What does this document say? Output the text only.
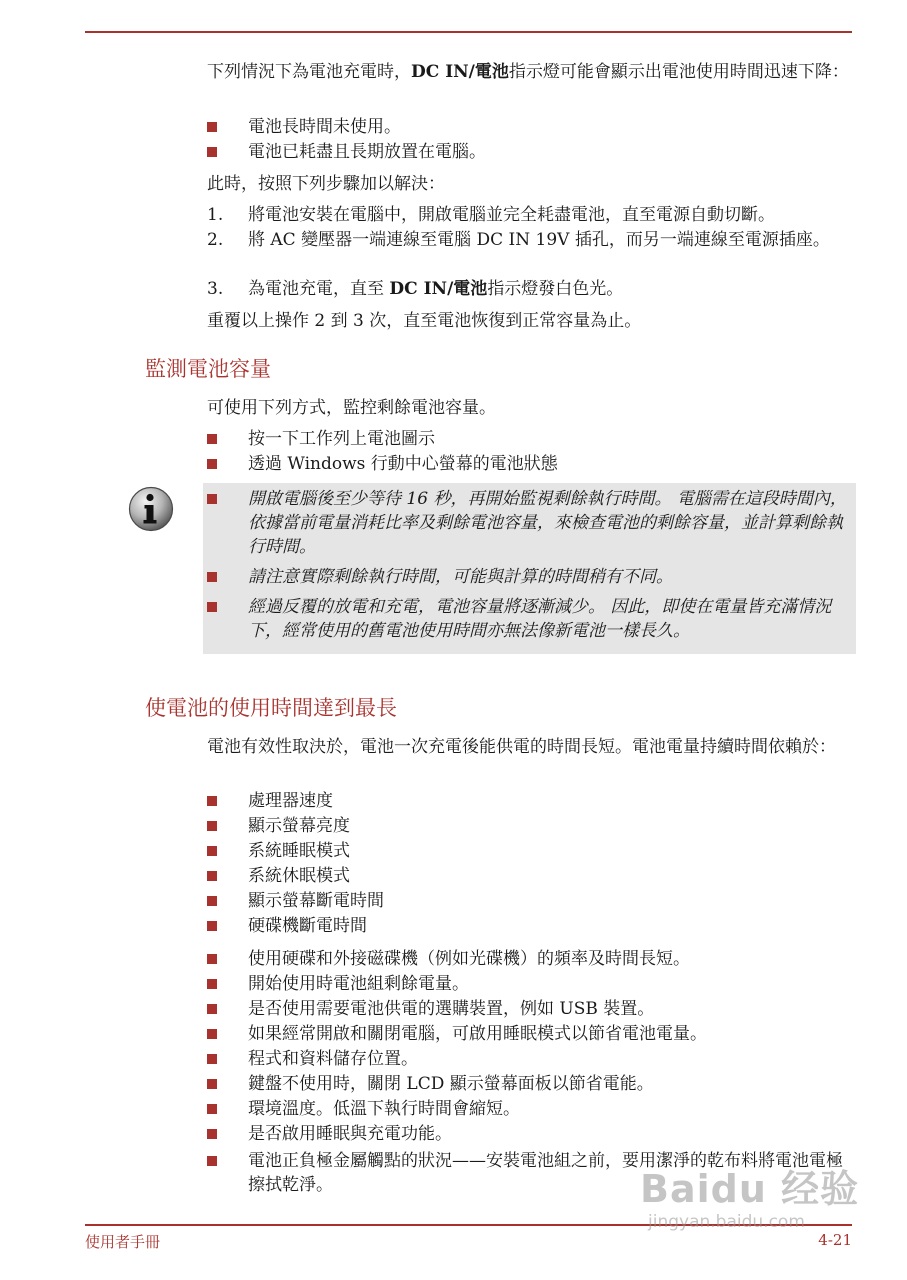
下列情況下為電池充電時，DC IN/電池指示燈可能會顯示出電池使用時間迅速下降：

電池長時間未使用。
電池已耗盡且長期放置在電腦。

此時，按照下列步驟加以解決：

1. 將電池安裝在電腦中，開啟電腦並完全耗盡電池，直至電源自動切斷。
2. 將 AC 變壓器一端連線至電腦 DC IN 19V 插孔，而另一端連線至電源插座。
3. 為電池充電，直至 DC IN/電池指示燈發白色光。

重覆以上操作 2 到 3 次，直至電池恢復到正常容量為止。

監測電池容量

可使用下列方式，監控剩餘電池容量。

按一下工作列上電池圖示
透過 Windows 行動中心螢幕的電池狀態
開啟電腦後至少等待 16 秒，再開始監視剩餘執行時間。 電腦需在這段時間內，依據當前電量消耗比率及剩餘電池容量，來檢查電池的剩餘容量，並計算剩餘執行時間。
請注意實際剩餘執行時間，可能與計算的時間稍有不同。
經過反覆的放電和充電，電池容量將逐漸減少。 因此，即使在電量皆充滿情況下，經常使用的舊電池使用時間亦無法像新電池一樣長久。
使電池的使用時間達到最長

電池有效性取決於，電池一次充電後能供電的時間長短。電池電量持續時間依賴於：

處理器速度
顯示螢幕亮度
系統睡眠模式
系統休眠模式
顯示螢幕斷電時間
硬碟機斷電時間
使用硬碟和外接磁碟機（例如光碟機）的頻率及時間長短。
開始使用時電池組剩餘電量。
是否使用需要電池供電的選購裝置，例如 USB 裝置。
如果經常開啟和關閉電腦，可啟用睡眠模式以節省電池電量。
程式和資料儲存位置。
鍵盤不使用時，關閉 LCD 顯示螢幕面板以節省電能。
環境溫度。低溫下執行時間會縮短。
是否啟用睡眠與充電功能。
電池正負極金屬觸點的狀況——安裝電池組之前，要用潔淨的乾布料將電池電極擦拭乾淨。
使用者手冊	4-21
Baidu 经验
jingyan.baidu.com
